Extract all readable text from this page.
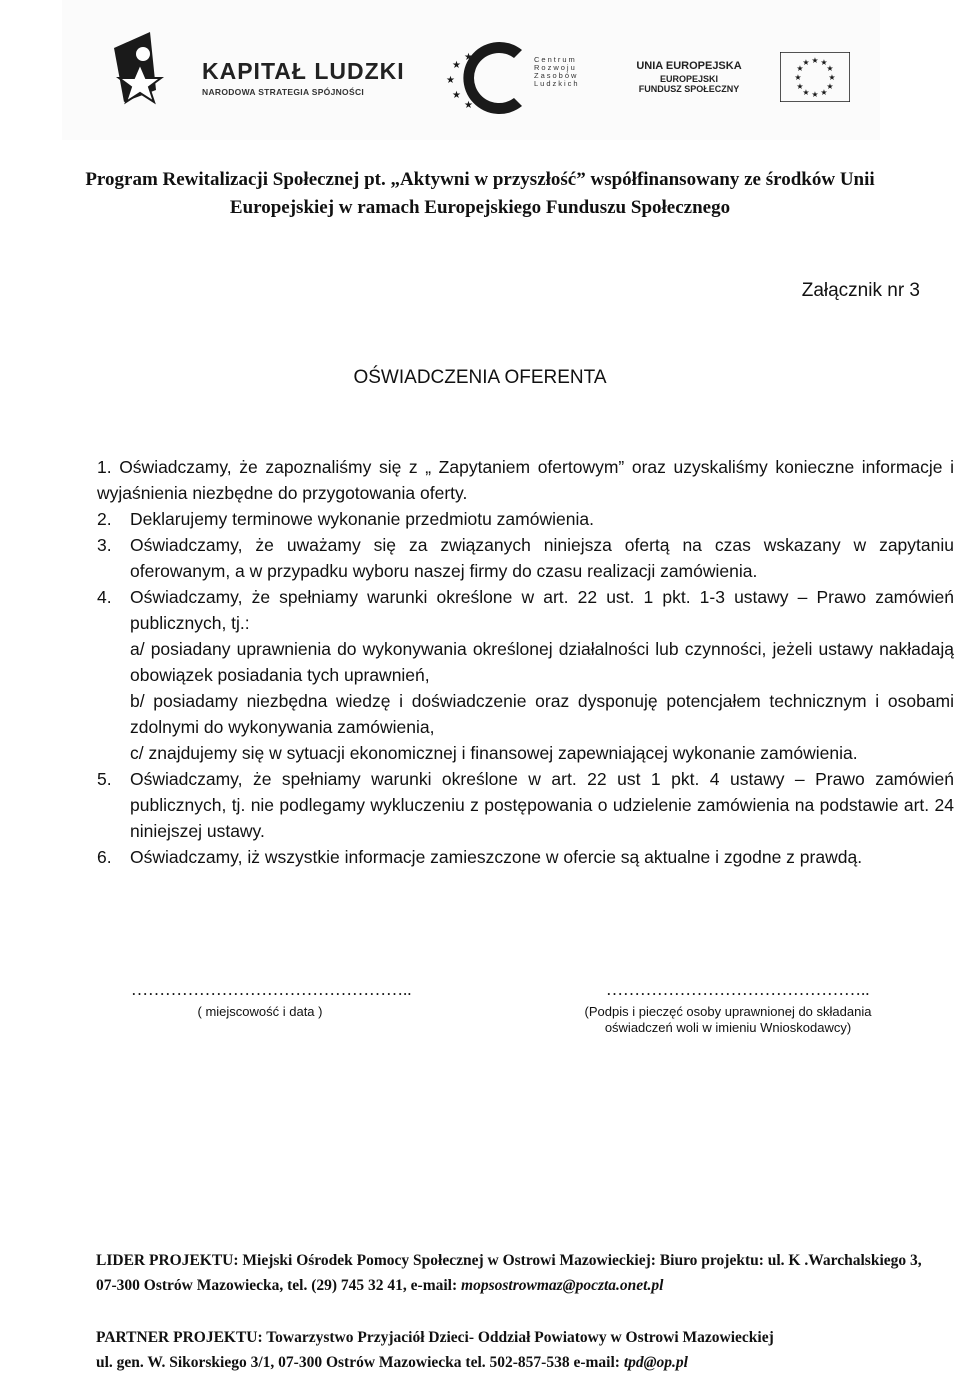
KAPITAŁ LUDZKI
NARODOWA STRATEGIA SPÓJNOŚCI
★
★
★
★
★
Centrum
Rozwoju
Zasobów
Ludzkich
UNIA EUROPEJSKA
EUROPEJSKI
FUNDUSZ SPOŁECZNY
★ ★
★
★
★
★
★
★
★
★
★
★
Program Rewitalizacji Społecznej pt. „Aktywni w przyszłość” współfinansowany ze środków Unii
Europejskiej w ramach Europejskiego Funduszu Społecznego
Załącznik nr 3
OŚWIADCZENIA OFERENTA
1. Oświadczamy, że zapoznaliśmy się z „ Zapytaniem ofertowym” oraz uzyskaliśmy konieczne informacje i wyjaśnienia niezbędne do przygotowania oferty.
2. Deklarujemy terminowe wykonanie przedmiotu zamówienia.
3. Oświadczamy, że uważamy się za związanych niniejsza ofertą na czas wskazany w zapytaniu oferowanym, a w przypadku wyboru naszej firmy do czasu realizacji zamówienia.
4. Oświadczamy, że spełniamy warunki określone w art. 22 ust. 1 pkt. 1-3 ustawy – Prawo zamówień publicznych, tj.:
a/ posiadany uprawnienia do wykonywania określonej działalności lub czynności, jeżeli ustawy nakładają obowiązek posiadania tych uprawnień,
b/ posiadamy niezbędna wiedzę i doświadczenie oraz dysponuję potencjałem technicznym i osobami zdolnymi do wykonywania zamówienia,
c/ znajdujemy się w sytuacji ekonomicznej i finansowej zapewniającej wykonanie zamówienia.
5. Oświadczamy, że spełniamy warunki określone w art. 22 ust 1 pkt. 4 ustawy – Prawo zamówień publicznych, tj. nie podlegamy wykluczeniu z postępowania o udzielenie zamówienia na podstawie art. 24 niniejszej ustawy.
6. Oświadczamy, iż wszystkie informacje zamieszczone w ofercie są aktualne i zgodne z prawdą.
…………………………………………..
( miejscowość i data )
………………………………………..
(Podpis i pieczęć osoby uprawnionej do składania
oświadczeń woli w imieniu Wnioskodawcy)
LIDER PROJEKTU: Miejski Ośrodek Pomocy Społecznej w Ostrowi Mazowieckiej: Biuro projektu: ul. K .Warchalskiego 3,
07-300 Ostrów Mazowiecka, tel. (29) 745 32 41, e-mail: mopsostrowmaz@poczta.onet.pl
PARTNER PROJEKTU: Towarzystwo Przyjaciół Dzieci- Oddział Powiatowy w Ostrowi Mazowieckiej
ul. gen. W. Sikorskiego 3/1, 07-300 Ostrów Mazowiecka tel. 502-857-538 e-mail: tpd@op.pl
